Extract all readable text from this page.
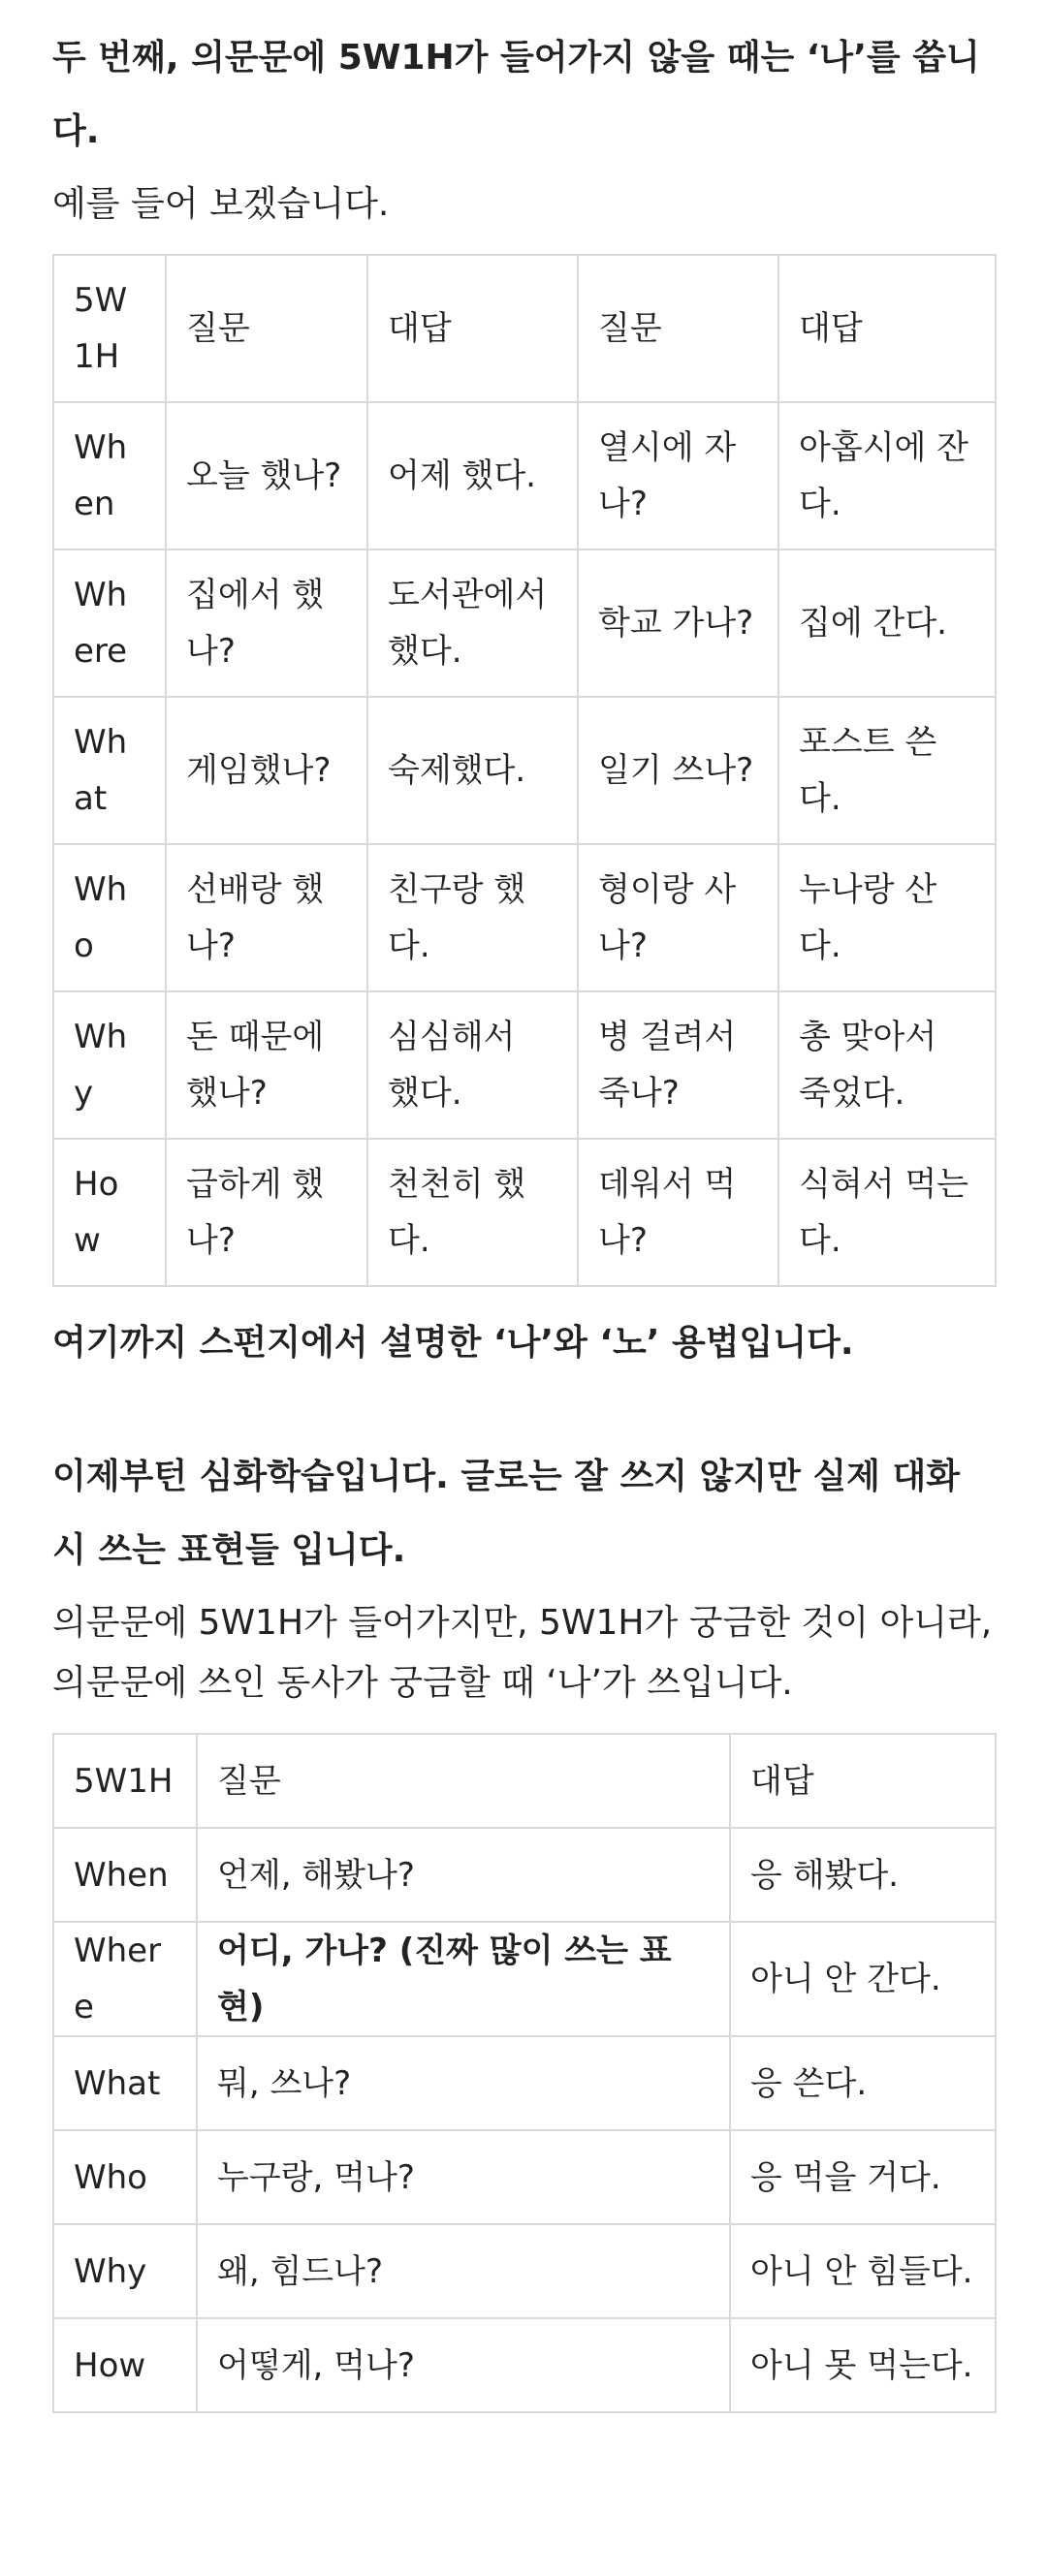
두 번째, 의문문에 5W1H가 들어가지 않을 때는 ‘나’를 씁니다.

예를 들어 보겠습니다.

5W1H	질문	대답	질문	대답
When	오늘 했나?	어제 했다.	열시에 자나?	아홉시에 잔다.
Where	집에서 했나?	도서관에서 했다.	학교 가나?	집에 간다.
What	게임했나?	숙제했다.	일기 쓰나?	포스트 쓴다.
Who	선배랑 했나?	친구랑 했다.	형이랑 사나?	누나랑 산다.
Why	돈 때문에 했나?	심심해서 했다.	병 걸려서 죽나?	총 맞아서 죽었다.
How	급하게 했나?	천천히 했다.	데워서 먹나?	식혀서 먹는다.

여기까지 스펀지에서 설명한 ‘나’와 ‘노’ 용법입니다.

이제부턴 심화학습입니다. 글로는 잘 쓰지 않지만 실제 대화 시 쓰는 표현들 입니다.

의문문에 5W1H가 들어가지만, 5W1H가 궁금한 것이 아니라, 의문문에 쓰인 동사가 궁금할 때 ‘나’가 쓰입니다.

5W1H	질문	대답
When	언제, 해봤나?	응 해봤다.
Where	어디, 가나? (진짜 많이 쓰는 표현)	아니 안 간다.
What	뭐, 쓰나?	응 쓴다.
Who	누구랑, 먹나?	응 먹을 거다.
Why	왜, 힘드나?	아니 안 힘들다.
How	어떻게, 먹나?	아니 못 먹는다.
